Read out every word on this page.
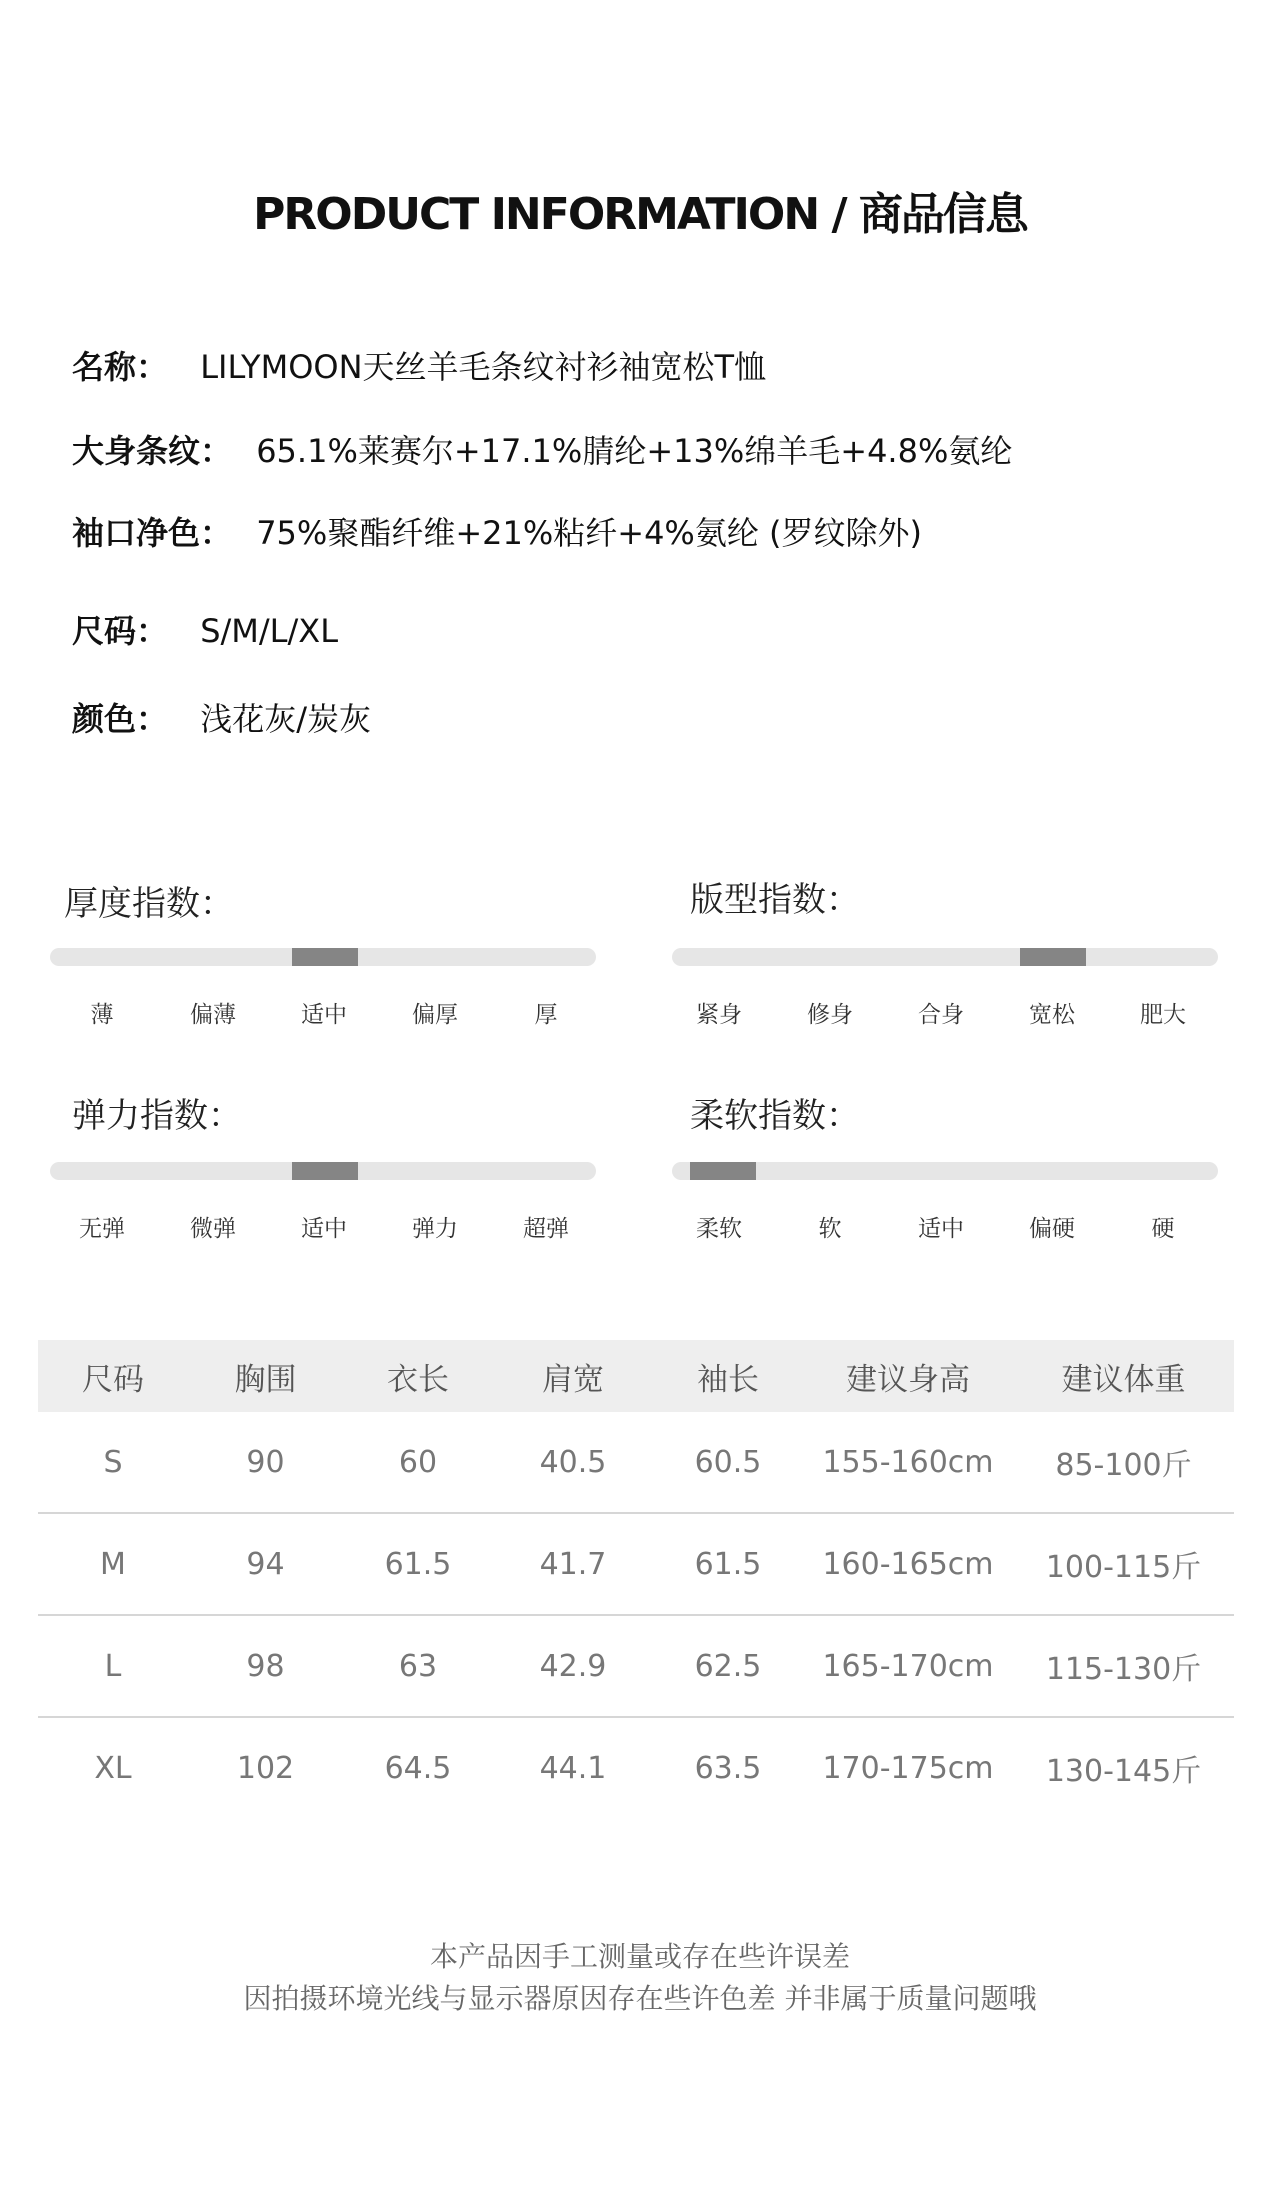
PRODUCT INFORMATION / 商品信息
名称： LILYMOON天丝羊毛条纹衬衫袖宽松T恤
大身条纹： 65.1%莱赛尔+17.1%腈纶+13%绵羊毛+4.8%氨纶
袖口净色： 75%聚酯纤维+21%粘纤+4%氨纶 (罗纹除外)
尺码： S/M/L/XL
颜色： 浅花灰/炭灰
厚度指数：
薄	偏薄	适中	偏厚	厚
版型指数：
紧身	修身	合身	宽松	肥大
弹力指数：
无弹	微弹	适中	弹力	超弹
柔软指数：
柔软	软	适中	偏硬	硬
尺码	胸围	衣长	肩宽	袖长	建议身高	建议体重
S	90	60	40.5	60.5	155-160cm	85-100斤
M	94	61.5	41.7	61.5	160-165cm	100-115斤
L	98	63	42.9	62.5	165-170cm	115-130斤
XL	102	64.5	44.1	63.5	170-175cm	130-145斤
本产品因手工测量或存在些许误差
因拍摄环境光线与显示器原因存在些许色差 并非属于质量问题哦
